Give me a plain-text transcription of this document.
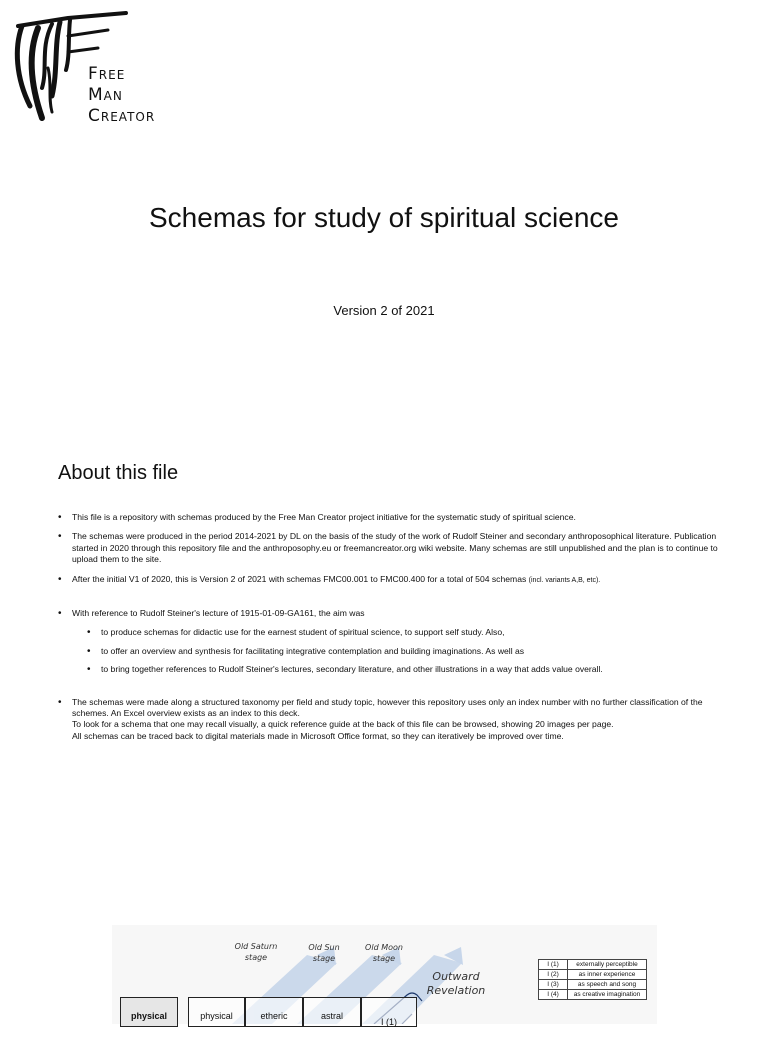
Free
Man
Creator
Schemas for study of spiritual science
Version 2 of 2021
About this file
• This file is a repository with schemas produced by the Free Man Creator project initiative for the systematic study of spiritual science.
• The schemas were produced in the period 2014-2021 by DL on the basis of the study of the work of Rudolf Steiner and secondary anthroposophical literature. Publication started in 2020 through this repository file and the anthroposophy.eu or freemancreator.org wiki website. Many schemas are still unpublished and the plan is to continue to upload them to the site.
• After the initial V1 of 2020, this is Version 2 of 2021 with schemas FMC00.001 to FMC00.400 for a total of 504 schemas (incl. variants A,B, etc).
• With reference to Rudolf Steiner's lecture of 1915-01-09-GA161, the aim was
• to produce schemas for didactic use for the earnest student of spiritual science, to support self study. Also,
• to offer an overview and synthesis for facilitating integrative contemplation and building imaginations. As well as
• to bring together references to Rudolf Steiner's lectures, secondary literature, and other illustrations in a way that adds value overall.
• The schemas were made along a structured taxonomy per field and study topic, however this repository uses only an index number with no further classification of the schemes. An Excel overview exists as an index to this deck.
To look for a schema that one may recall visually, a quick reference guide at the back of this file can be browsed, showing 20 images per page.
All schemas can be traced back to digital materials made in Microsoft Office format, so they can iteratively be improved over time.
Old Saturn
stage
Old Sun
stage
Old Moon
stage
Outward
Revelation
physical	physical	etheric	astral
I (1)
I (1)	externally perceptible
I (2)	as inner experience
I (3)	as speech and song
I (4)	as creative imagination
